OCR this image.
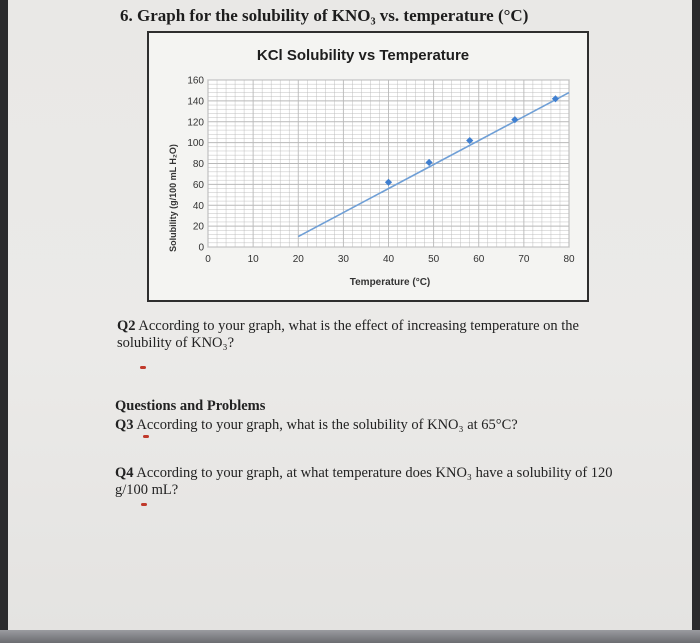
6. Graph for the solubility of KNO₃ vs. temperature (°C)
KCl Solubility vs Temperature
Solubility (g/100 mL H₂O)
Temperature (°C)
0	10	20	30	40	50	60	70	80
0
20
40
60
80
100
120
140
160
Q2 According to your graph, what is the effect of increasing temperature on the solubility of KNO₃?
Questions and Problems
Q3 According to your graph, what is the solubility of KNO₃ at 65°C?
Q4 According to your graph, at what temperature does KNO₃ have a solubility of 120 g/100 mL?
